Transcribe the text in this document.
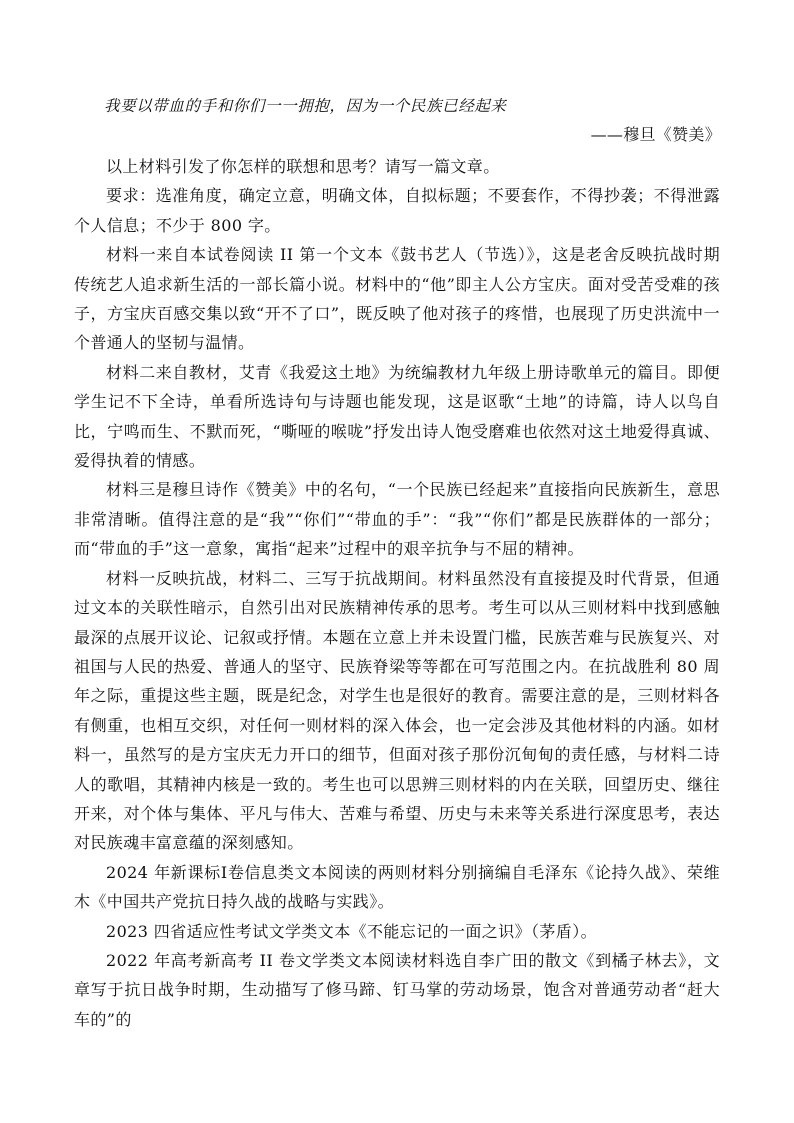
我要以带血的手和你们一一拥抱，因为一个民族已经起来
——穆旦《赞美》

以上材料引发了你怎样的联想和思考？请写一篇文章。

要求：选准角度，确定立意，明确文体，自拟标题；不要套作，不得抄袭；不得泄露个人信息；不少于 800 字。

材料一来自本试卷阅读 II 第一个文本《鼓书艺人（节选）》，这是老舍反映抗战时期传统艺人追求新生活的一部长篇小说。材料中的“他”即主人公方宝庆。面对受苦受难的孩子，方宝庆百感交集以致“开不了口”，既反映了他对孩子的疼惜，也展现了历史洪流中一个普通人的坚韧与温情。

材料二来自教材，艾青《我爱这土地》为统编教材九年级上册诗歌单元的篇目。即便学生记不下全诗，单看所选诗句与诗题也能发现，这是讴歌“土地”的诗篇，诗人以鸟自比，宁鸣而生、不默而死，“嘶哑的喉咙”抒发出诗人饱受磨难也依然对这土地爱得真诚、爱得执着的情感。

材料三是穆旦诗作《赞美》中的名句，“一个民族已经起来”直接指向民族新生，意思非常清晰。值得注意的是“我”“你们”“带血的手”：“我”“你们”都是民族群体的一部分；而“带血的手”这一意象，寓指“起来”过程中的艰辛抗争与不屈的精神。

材料一反映抗战，材料二、三写于抗战期间。材料虽然没有直接提及时代背景，但通过文本的关联性暗示，自然引出对民族精神传承的思考。考生可以从三则材料中找到感触最深的点展开议论、记叙或抒情。本题在立意上并未设置门槛，民族苦难与民族复兴、对祖国与人民的热爱、普通人的坚守、民族脊梁等等都在可写范围之内。在抗战胜利 80 周年之际，重提这些主题，既是纪念，对学生也是很好的教育。需要注意的是，三则材料各有侧重，也相互交织，对任何一则材料的深入体会，也一定会涉及其他材料的内涵。如材料一，虽然写的是方宝庆无力开口的细节，但面对孩子那份沉甸甸的责任感，与材料二诗人的歌唱，其精神内核是一致的。考生也可以思辨三则材料的内在关联，回望历史、继往开来，对个体与集体、平凡与伟大、苦难与希望、历史与未来等关系进行深度思考，表达对民族魂丰富意蕴的深刻感知。

2024 年新课标Ⅰ卷信息类文本阅读的两则材料分别摘编自毛泽东《论持久战》、荣维木《中国共产党抗日持久战的战略与实践》。

2023 四省适应性考试文学类文本《不能忘记的一面之识》（茅盾）。

2022 年高考新高考 II 卷文学类文本阅读材料选自李广田的散文《到橘子林去》，文章写于抗日战争时期，生动描写了修马蹄、钉马掌的劳动场景，饱含对普通劳动者“赶大车的”的
